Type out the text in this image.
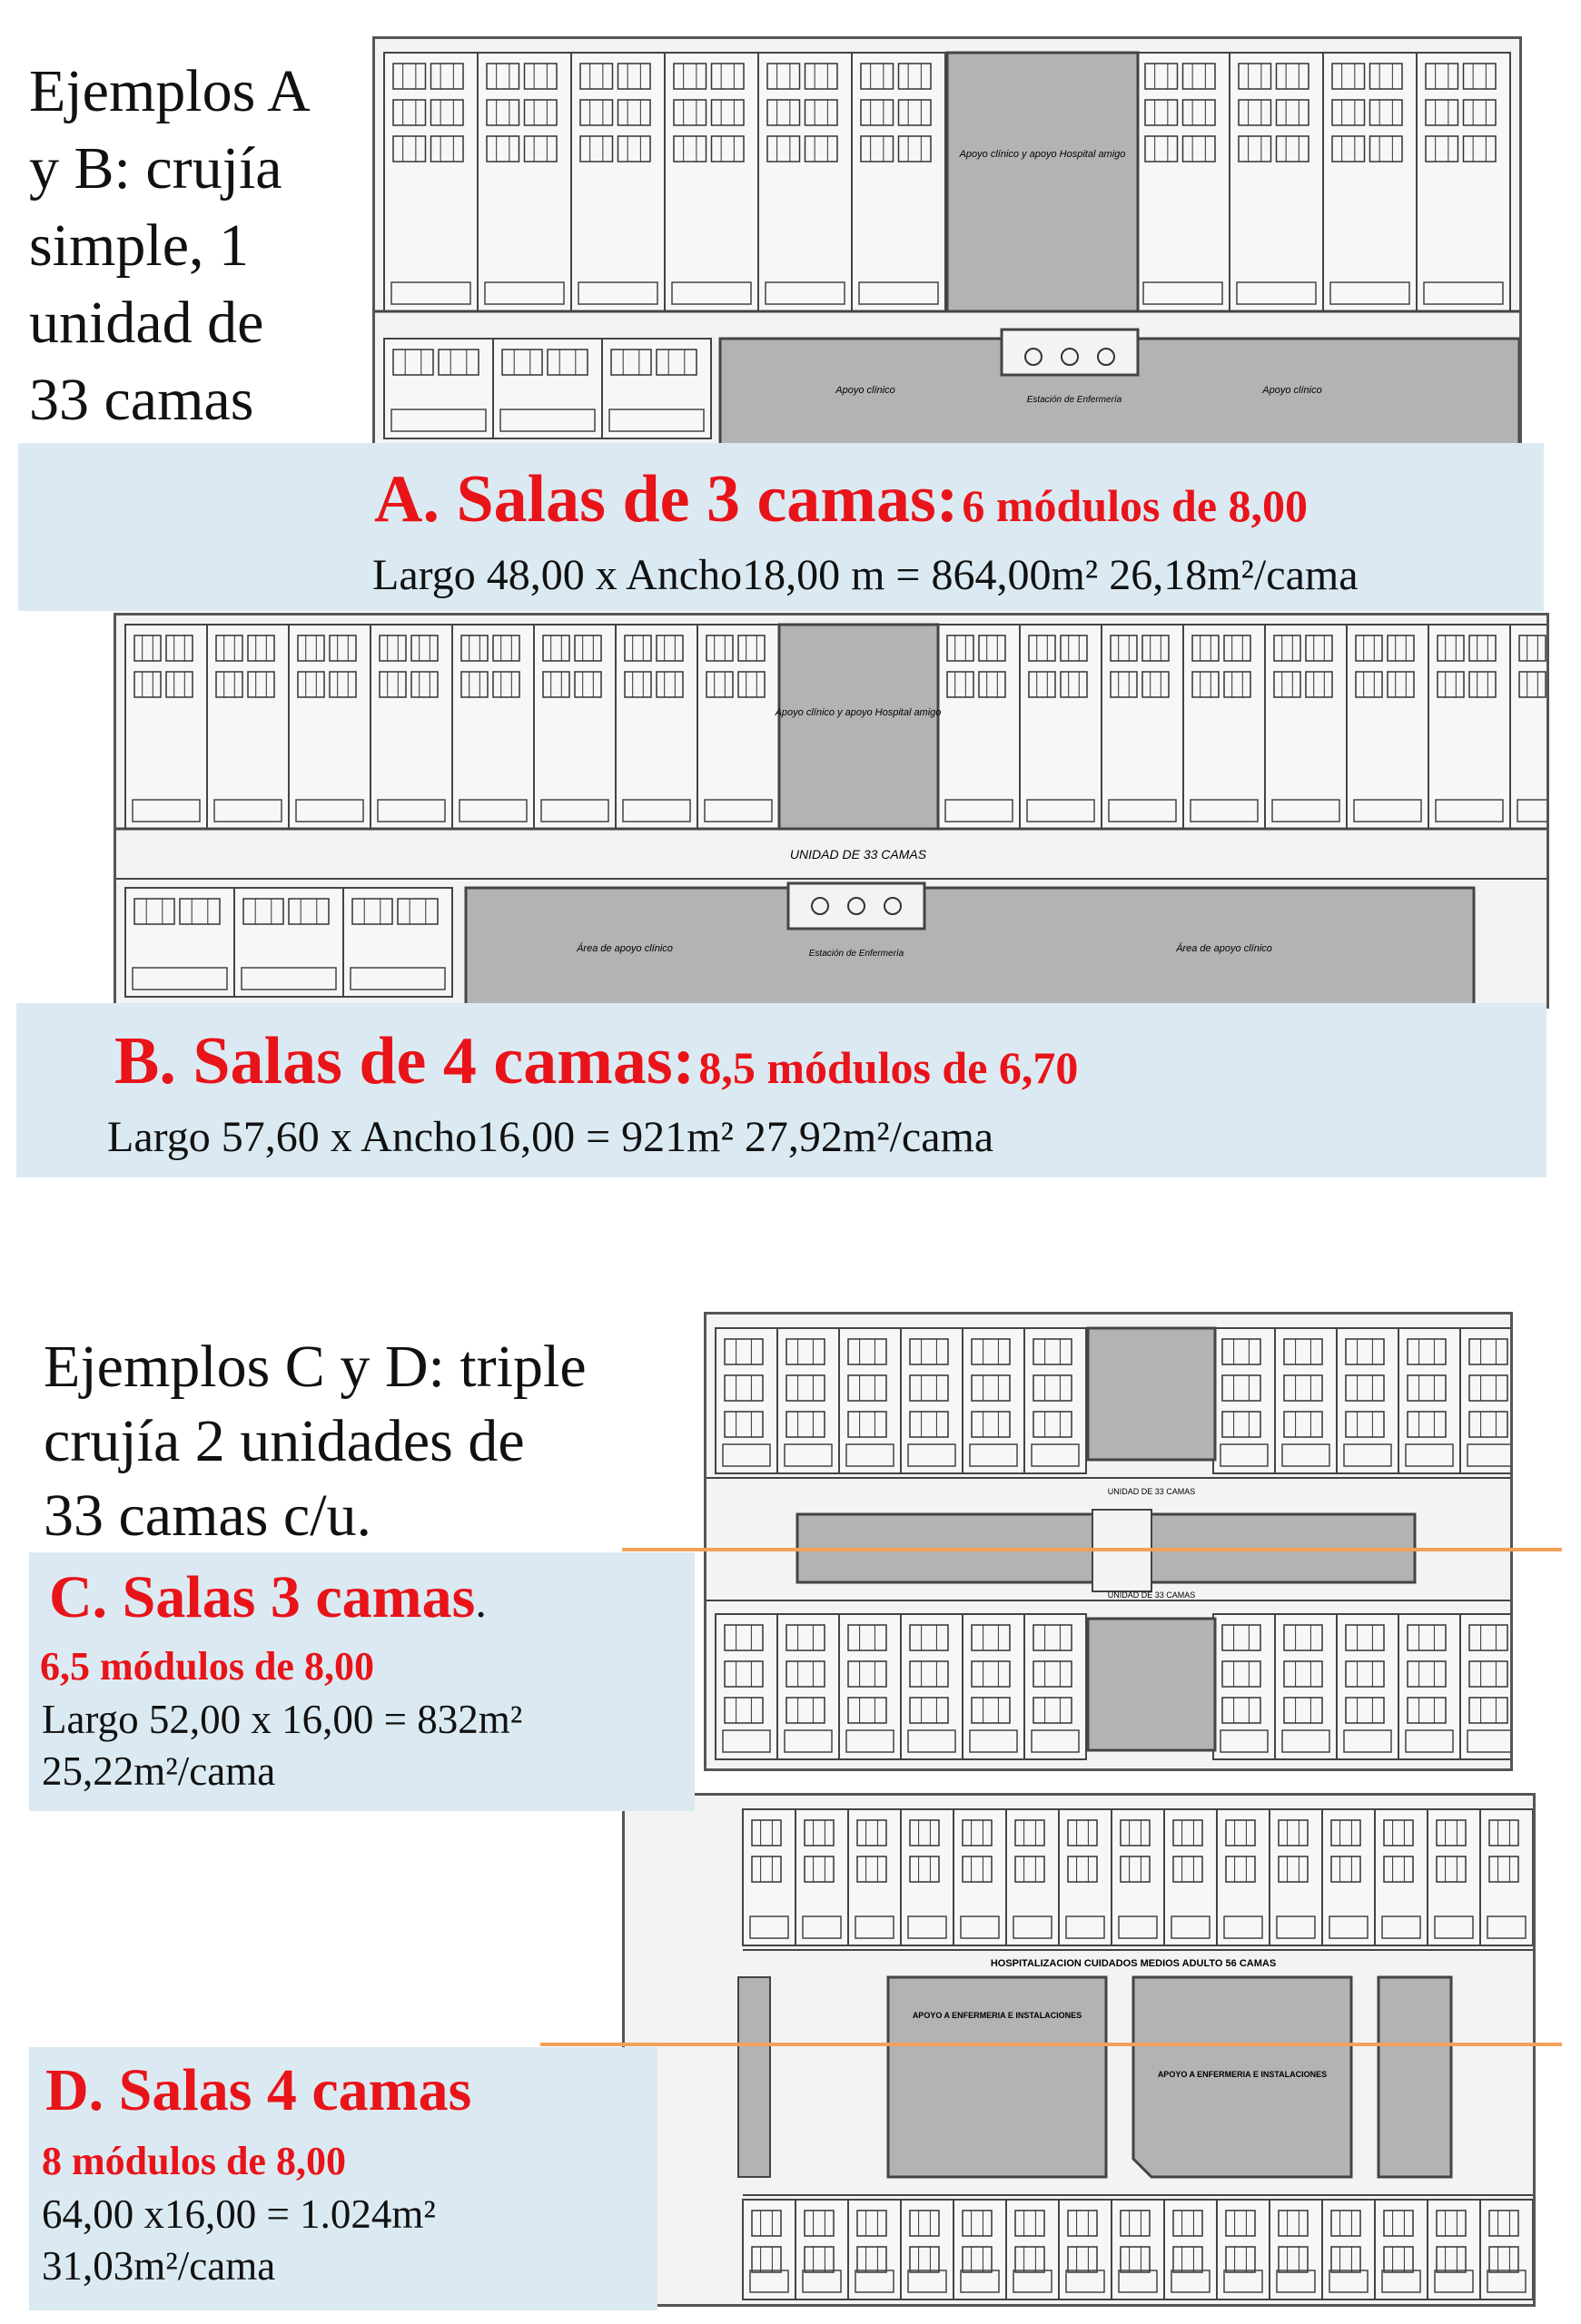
Ejemplos A
y B: crujía
simple, 1
unidad de
33 camas
Apoyo clínico y apoyo Hospital amigo
Apoyo clínico
Estación de Enfermería
Apoyo clínico
A. Salas de 3 camas: 6 módulos de 8,00
Largo 48,00 x Ancho18,00 m = 864,00m² 26,18m²/cama
Apoyo clínico y apoyo Hospital amigo
UNIDAD DE 33 CAMAS
Área de apoyo clínico	Estación de Enfermería	Área de apoyo clínico
B. Salas de 4 camas: 8,5 módulos de 6,70
Largo 57,60 x Ancho16,00 = 921m² 27,92m²/cama
Ejemplos C y D: triple
crujía 2 unidades de
33 camas c/u.	UNIDAD DE 33 CAMAS
UNIDAD DE 33 CAMAS
HOSPITALIZACION CUIDADOS MEDIOS ADULTO 56 CAMAS
APOYO A ENFERMERIA E INSTALACIONES
APOYO A ENFERMERIA E INSTALACIONES
C. Salas 3 camas.
6,5 módulos de 8,00
Largo 52,00 x 16,00 = 832m²
25,22m²/cama
D. Salas 4 camas
8 módulos de 8,00
64,00 x16,00 = 1.024m²
31,03m²/cama
